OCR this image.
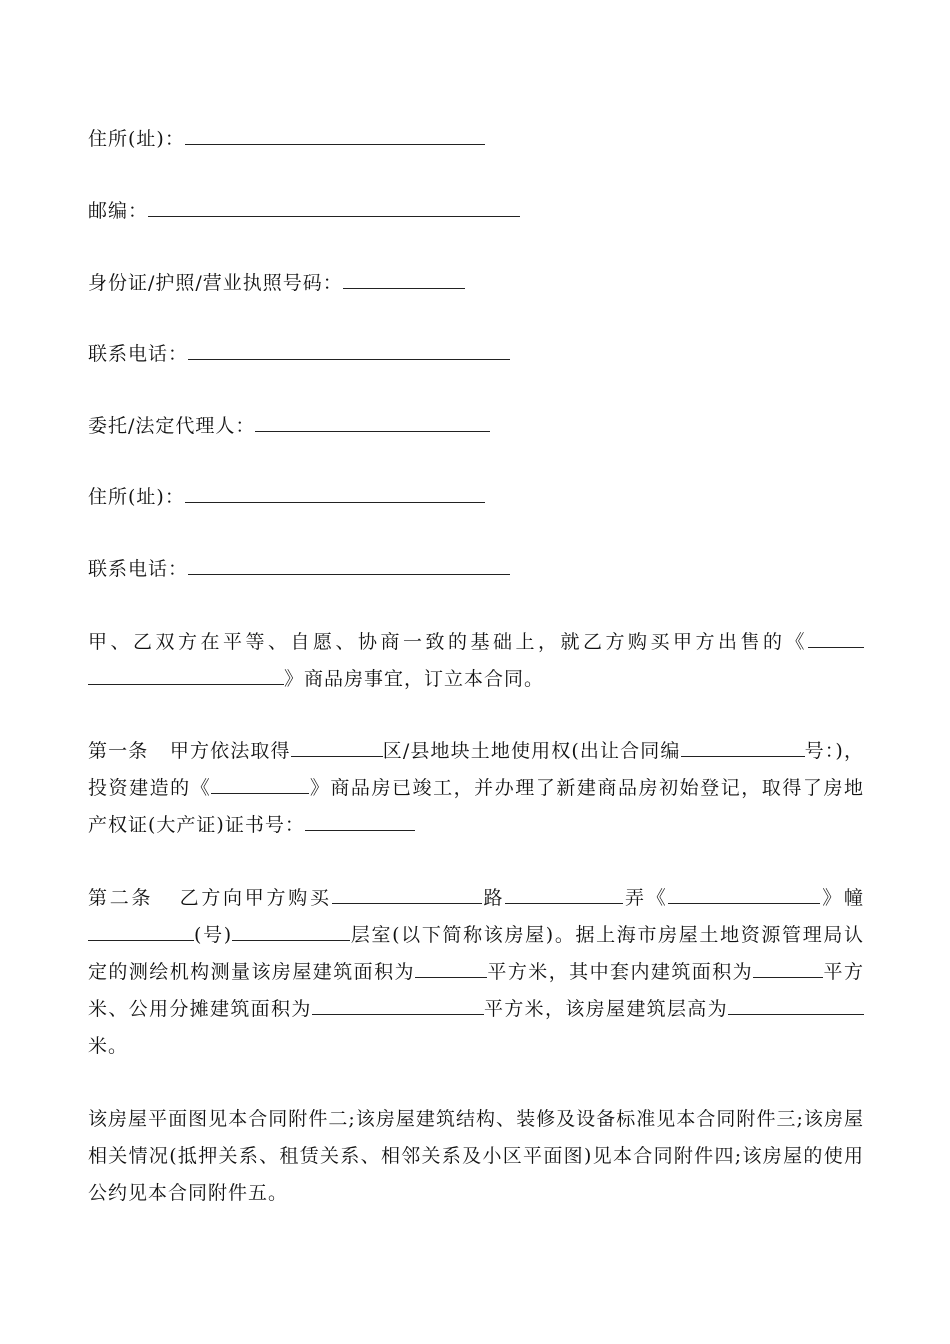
住所(址)：
邮编：
身份证/护照/营业执照号码：
联系电话：
委托/法定代理人：
住所(址)：
联系电话：
甲、乙双方在平等、自愿、协商一致的基础上，就乙方购买甲方出售的《》商品房事宜，订立本合同。
第一条 甲方依法取得	区/县地块土地使用权(出让合同编	号：)，投资建造的《	》商品房已竣工，并办理了新建商品房初始登记，取得了房地产权证(大产证)证书号：
第二条 乙方向甲方购买	路	弄《	》幢(号)	层室(以下简称该房屋)。据上海市房屋土地资源管理局认定的测绘机构测量该房屋建筑面积为	平方米，其中套内建筑面积为	平方米、公用分摊建筑面积为	平方米，该房屋建筑层高为米。
该房屋平面图见本合同附件二;该房屋建筑结构、装修及设备标准见本合同附件三;该房屋相关情况(抵押关系、租赁关系、相邻关系及小区平面图)见本合同附件四;该房屋的使用公约见本合同附件五。
